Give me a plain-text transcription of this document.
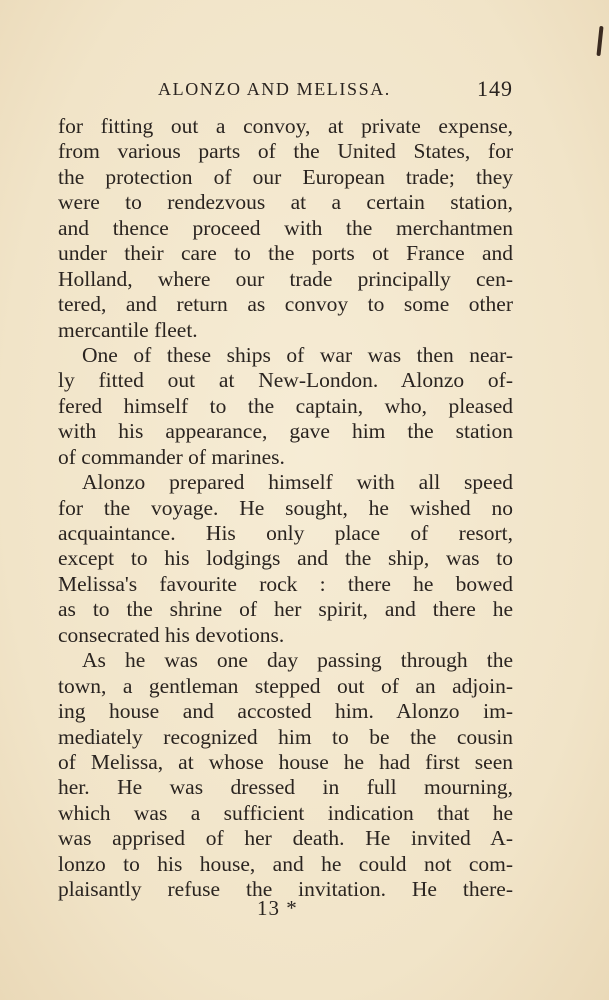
ALONZO AND MELISSA.	149
for fitting out a convoy, at private expense,
from various parts of the United States, for
the protection of our European trade; they
were to rendezvous at a certain station,
and thence proceed with the merchantmen
under their care to the ports ot France and
Holland, where our trade principally cen-
tered, and return as convoy to some other
mercantile fleet.
One of these ships of war was then near-
ly fitted out at New-London. Alonzo of-
fered himself to the captain, who, pleased
with his appearance, gave him the station
of commander of marines.
Alonzo prepared himself with all speed
for the voyage. He sought, he wished no
acquaintance. His only place of resort,
except to his lodgings and the ship, was to
Melissa's favourite rock : there he bowed
as to the shrine of her spirit, and there he
consecrated his devotions.
As he was one day passing through the
town, a gentleman stepped out of an adjoin-
ing house and accosted him. Alonzo im-
mediately recognized him to be the cousin
of Melissa, at whose house he had first seen
her. He was dressed in full mourning,
which was a sufficient indication that he
was apprised of her death. He invited A-
lonzo to his house, and he could not com-
plaisantly refuse the invitation. He there-
13 *
